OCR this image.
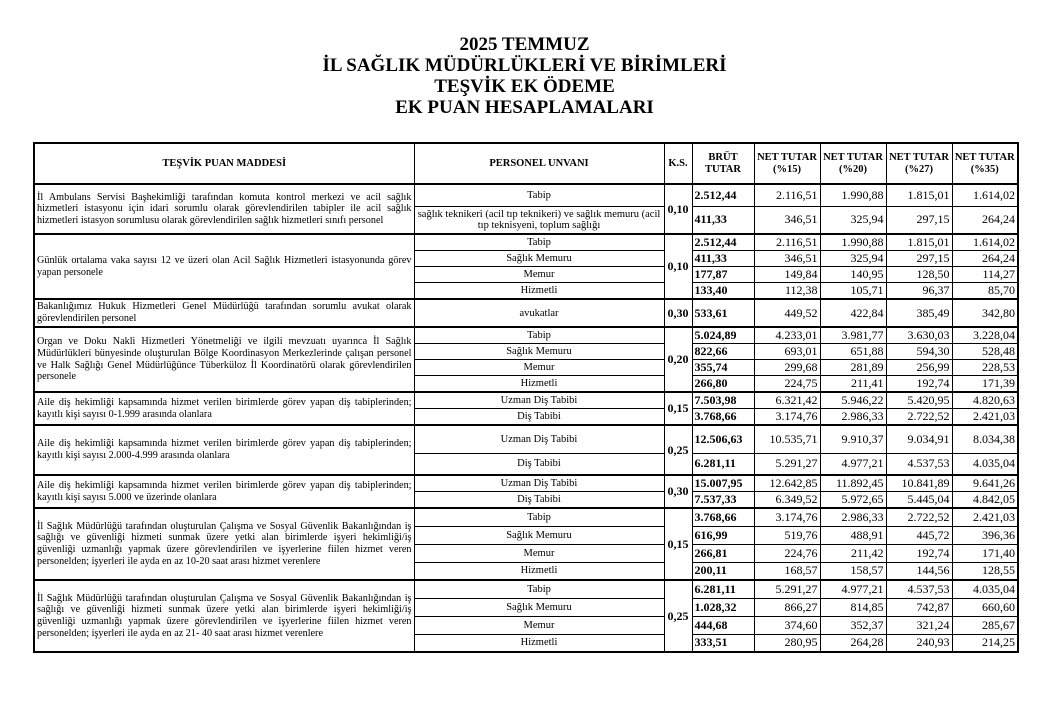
2025 TEMMUZ
İL SAĞLIK MÜDÜRLÜKLERİ VE BİRİMLERİ
TEŞVİK EK ÖDEME
EK PUAN HESAPLAMALARI
TEŞVİK PUAN MADDESİ	PERSONEL UNVANI	K.S.	BRÜT TUTAR	NET TUTAR (%15)	NET TUTAR (%20)	NET TUTAR (%27)	NET TUTAR (%35)
İl Ambulans Servisi Başhekimliği tarafından komuta kontrol merkezi ve acil sağlık hizmetleri istasyonu için idari sorumlu olarak görevlendirilen tabipler ile acil sağlık hizmetleri istasyon sorumlusu olarak görevlendirilen sağlık hizmetleri sınıfı personel	Tabip	0,10	2.512,44	2.116,51	1.990,88	1.815,01	1.614,02
	sağlık teknikeri (acil tıp teknikeri) ve sağlık memuru (acil tıp teknisyeni, toplum sağlığı		411,33	346,51	325,94	297,15	264,24
Günlük ortalama vaka sayısı 12 ve üzeri olan Acil Sağlık Hizmetleri istasyonunda görev yapan personele	Tabip	0,10	2.512,44	2.116,51	1.990,88	1.815,01	1.614,02
	Sağlık Memuru		411,33	346,51	325,94	297,15	264,24
	Memur		177,87	149,84	140,95	128,50	114,27
	Hizmetli		133,40	112,38	105,71	96,37	85,70
Bakanlığımız Hukuk Hizmetleri Genel Müdürlüğü tarafından sorumlu avukat olarak görevlendirilen personel	avukatlar	0,30	533,61	449,52	422,84	385,49	342,80
Organ ve Doku Nakli Hizmetleri Yönetmeliği ve ilgili mevzuatı uyarınca İl Sağlık Müdürlükleri bünyesinde oluşturulan Bölge Koordinasyon Merkezlerinde çalışan personel ve Halk Sağlığı Genel Müdürlüğünce Tüberküloz İl Koordinatörü olarak görevlendirilen personele	Tabip	0,20	5.024,89	4.233,01	3.981,77	3.630,03	3.228,04
	Sağlık Memuru		822,66	693,01	651,88	594,30	528,48
	Memur		355,74	299,68	281,89	256,99	228,53
	Hizmetli		266,80	224,75	211,41	192,74	171,39
Aile diş hekimliği kapsamında hizmet verilen birimlerde görev yapan diş tabiplerinden; kayıtlı kişi sayısı 0-1.999 arasında olanlara	Uzman Diş Tabibi	0,15	7.503,98	6.321,42	5.946,22	5.420,95	4.820,63
	Diş Tabibi		3.768,66	3.174,76	2.986,33	2.722,52	2.421,03
Aile diş hekimliği kapsamında hizmet verilen birimlerde görev yapan diş tabiplerinden; kayıtlı kişi sayısı 2.000-4.999 arasında olanlara	Uzman Diş Tabibi	0,25	12.506,63	10.535,71	9.910,37	9.034,91	8.034,38
	Diş Tabibi		6.281,11	5.291,27	4.977,21	4.537,53	4.035,04
Aile diş hekimliği kapsamında hizmet verilen birimlerde görev yapan diş tabiplerinden; kayıtlı kişi sayısı 5.000 ve üzerinde olanlara	Uzman Diş Tabibi	0,30	15.007,95	12.642,85	11.892,45	10.841,89	9.641,26
	Diş Tabibi		7.537,33	6.349,52	5.972,65	5.445,04	4.842,05
İl Sağlık Müdürlüğü tarafından oluşturulan Çalışma ve Sosyal Güvenlik Bakanlığından iş sağlığı ve güvenliği hizmeti sunmak üzere yetki alan birimlerde işyeri hekimliği/iş güvenliği uzmanlığı yapmak üzere görevlendirilen ve işyerlerine fiilen hizmet veren personelden; işyerleri ile ayda en az 10-20 saat arası hizmet verenlere	Tabip	0,15	3.768,66	3.174,76	2.986,33	2.722,52	2.421,03
	Sağlık Memuru		616,99	519,76	488,91	445,72	396,36
	Memur		266,81	224,76	211,42	192,74	171,40
	Hizmetli		200,11	168,57	158,57	144,56	128,55
İl Sağlık Müdürlüğü tarafından oluşturulan Çalışma ve Sosyal Güvenlik Bakanlığından iş sağlığı ve güvenliği hizmeti sunmak üzere yetki alan birimlerde işyeri hekimliği/iş güvenliği uzmanlığı yapmak üzere görevlendirilen ve işyerlerine fiilen hizmet veren personelden; işyerleri ile ayda en az 21- 40 saat arası hizmet verenlere	Tabip	0,25	6.281,11	5.291,27	4.977,21	4.537,53	4.035,04
	Sağlık Memuru		1.028,32	866,27	814,85	742,87	660,60
	Memur		444,68	374,60	352,37	321,24	285,67
	Hizmetli		333,51	280,95	264,28	240,93	214,25
